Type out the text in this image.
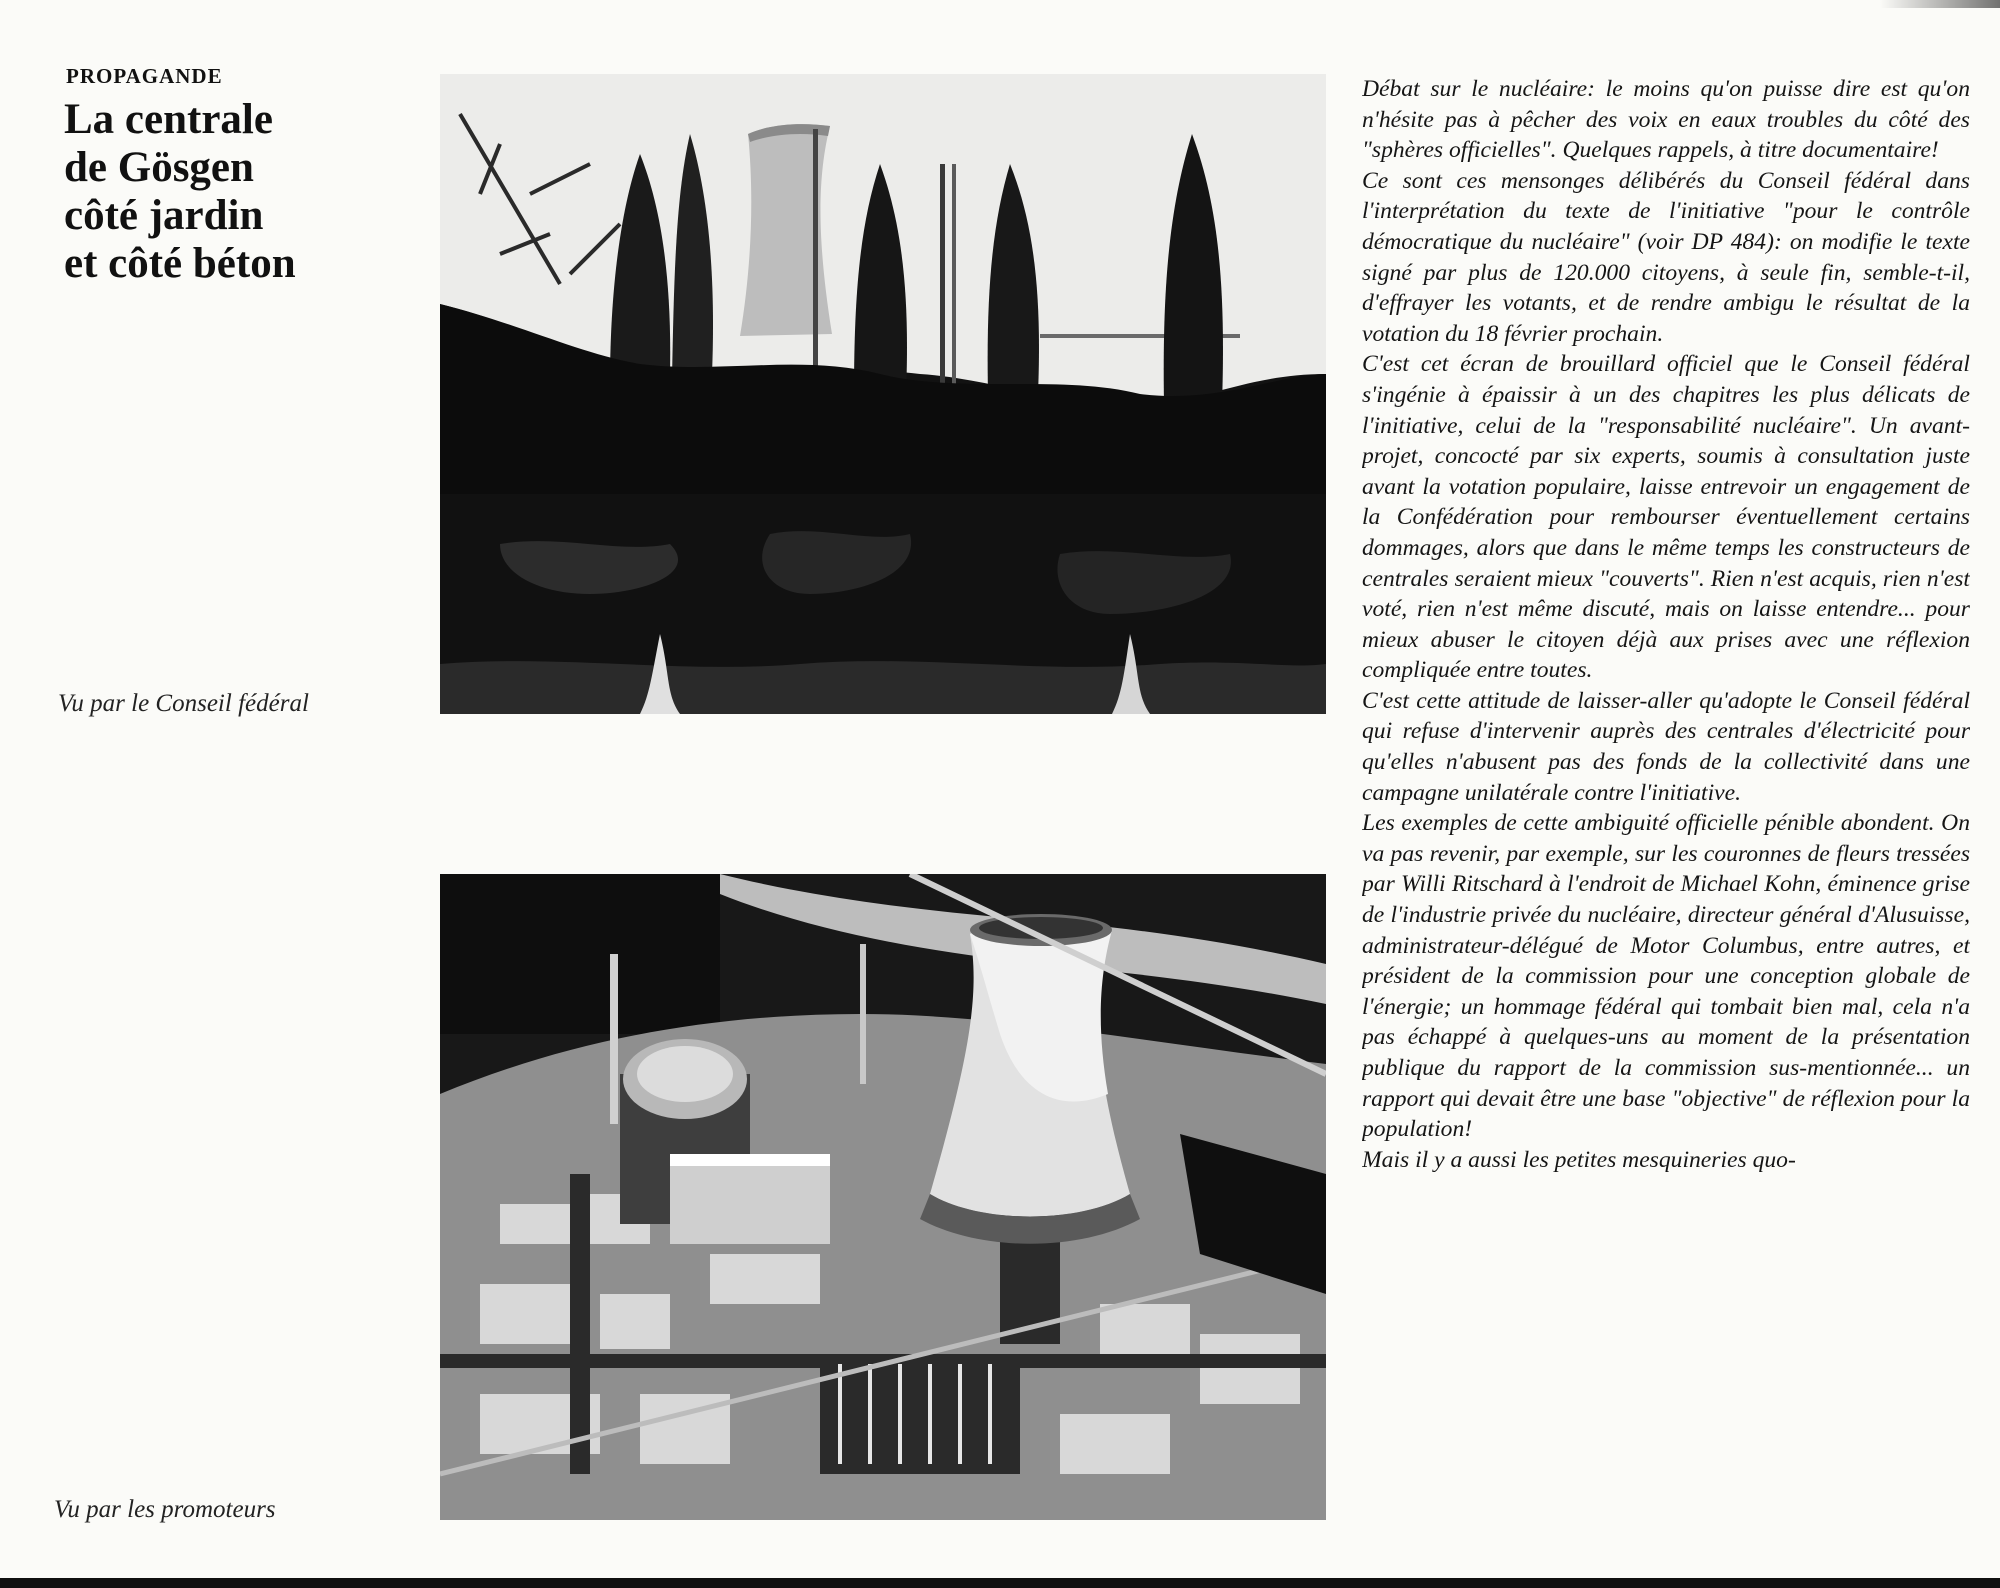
PROPAGANDE

La centrale
de Gösgen
côté jardin
et côté béton

Vu par le Conseil fédéral

Vu par les promoteurs

Débat sur le nucléaire: le moins qu'on puisse dire est qu'on n'hésite pas à pêcher des voix en eaux troubles du côté des "sphères officielles". Quelques rappels, à titre documentaire!

Ce sont ces mensonges délibérés du Conseil fédéral dans l'interprétation du texte de l'initiative "pour le contrôle démocratique du nucléaire" (voir DP 484): on modifie le texte signé par plus de 120.000 citoyens, à seule fin, semble-t-il, d'effrayer les votants, et de rendre ambigu le résultat de la votation du 18 février prochain.

C'est cet écran de brouillard officiel que le Conseil fédéral s'ingénie à épaissir à un des chapitres les plus délicats de l'initiative, celui de la "responsabilité nucléaire". Un avant-projet, concocté par six experts, soumis à consultation juste avant la votation populaire, laisse entrevoir un engagement de la Confédération pour rembourser éventuellement certains dommages, alors que dans le même temps les constructeurs de centrales seraient mieux "couverts". Rien n'est acquis, rien n'est voté, rien n'est même discuté, mais on laisse entendre... pour mieux abuser le citoyen déjà aux prises avec une réflexion compliquée entre toutes.

C'est cette attitude de laisser-aller qu'adopte le Conseil fédéral qui refuse d'intervenir auprès des centrales d'électricité pour qu'elles n'abusent pas des fonds de la collectivité dans une campagne unilatérale contre l'initiative.

Les exemples de cette ambiguité officielle pénible abondent. On va pas revenir, par exemple, sur les couronnes de fleurs tressées par Willi Ritschard à l'endroit de Michael Kohn, éminence grise de l'industrie privée du nucléaire, directeur général d'Alusuisse, administrateur-délégué de Motor Columbus, entre autres, et président de la commission pour une conception globale de l'énergie; un hommage fédéral qui tombait bien mal, cela n'a pas échappé à quelques-uns au moment de la présentation publique du rapport de la commission sus-mentionnée... un rapport qui devait être une base "objective" de réflexion pour la population!

Mais il y a aussi les petites mesquineries quo-
